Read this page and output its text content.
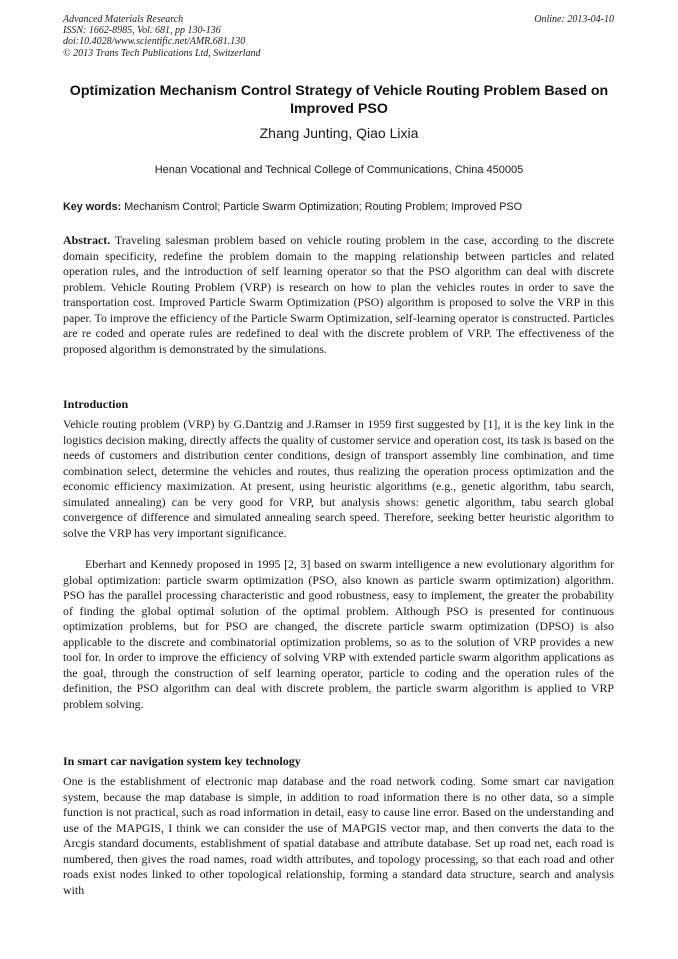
Advanced Materials Research
ISSN: 1662-8985, Vol. 681, pp 130-136
doi:10.4028/www.scientific.net/AMR.681.130
© 2013 Trans Tech Publications Ltd, Switzerland
Online: 2013-04-10
Optimization Mechanism Control Strategy of Vehicle Routing Problem Based on Improved PSO
Zhang Junting, Qiao Lixia
Henan Vocational and Technical College of Communications, China 450005
Key words: Mechanism Control; Particle Swarm Optimization; Routing Problem; Improved PSO
Abstract. Traveling salesman problem based on vehicle routing problem in the case, according to the discrete domain specificity, redefine the problem domain to the mapping relationship between particles and related operation rules, and the introduction of self learning operator so that the PSO algorithm can deal with discrete problem. Vehicle Routing Problem (VRP) is research on how to plan the vehicles routes in order to save the transportation cost. Improved Particle Swarm Optimization (PSO) algorithm is proposed to solve the VRP in this paper. To improve the efficiency of the Particle Swarm Optimization, self-learning operator is constructed. Particles are re coded and operate rules are redefined to deal with the discrete problem of VRP. The effectiveness of the proposed algorithm is demonstrated by the simulations.
Introduction
Vehicle routing problem (VRP) by G.Dantzig and J.Ramser in 1959 first suggested by [1], it is the key link in the logistics decision making, directly affects the quality of customer service and operation cost, its task is based on the needs of customers and distribution center conditions, design of transport assembly line combination, and time combination select, determine the vehicles and routes, thus realizing the operation process optimization and the economic efficiency maximization. At present, using heuristic algorithms (e.g., genetic algorithm, tabu search, simulated annealing) can be very good for VRP, but analysis shows: genetic algorithm, tabu search global convergence of difference and simulated annealing search speed. Therefore, seeking better heuristic algorithm to solve the VRP has very important significance.
Eberhart and Kennedy proposed in 1995 [2, 3] based on swarm intelligence a new evolutionary algorithm for global optimization: particle swarm optimization (PSO, also known as particle swarm optimization) algorithm. PSO has the parallel processing characteristic and good robustness, easy to implement, the greater the probability of finding the global optimal solution of the optimal problem. Although PSO is presented for continuous optimization problems, but for PSO are changed, the discrete particle swarm optimization (DPSO) is also applicable to the discrete and combinatorial optimization problems, so as to the solution of VRP provides a new tool for. In order to improve the efficiency of solving VRP with extended particle swarm algorithm applications as the goal, through the construction of self learning operator, particle to coding and the operation rules of the definition, the PSO algorithm can deal with discrete problem, the particle swarm algorithm is applied to VRP problem solving.
In smart car navigation system key technology
One is the establishment of electronic map database and the road network coding. Some smart car navigation system, because the map database is simple, in addition to road information there is no other data, so a simple function is not practical, such as road information in detail, easy to cause line error. Based on the understanding and use of the MAPGIS, I think we can consider the use of MAPGIS vector map, and then converts the data to the Arcgis standard documents, establishment of spatial database and attribute database. Set up road net, each road is numbered, then gives the road names, road width attributes, and topology processing, so that each road and other roads exist nodes linked to other topological relationship, forming a standard data structure, search and analysis with
